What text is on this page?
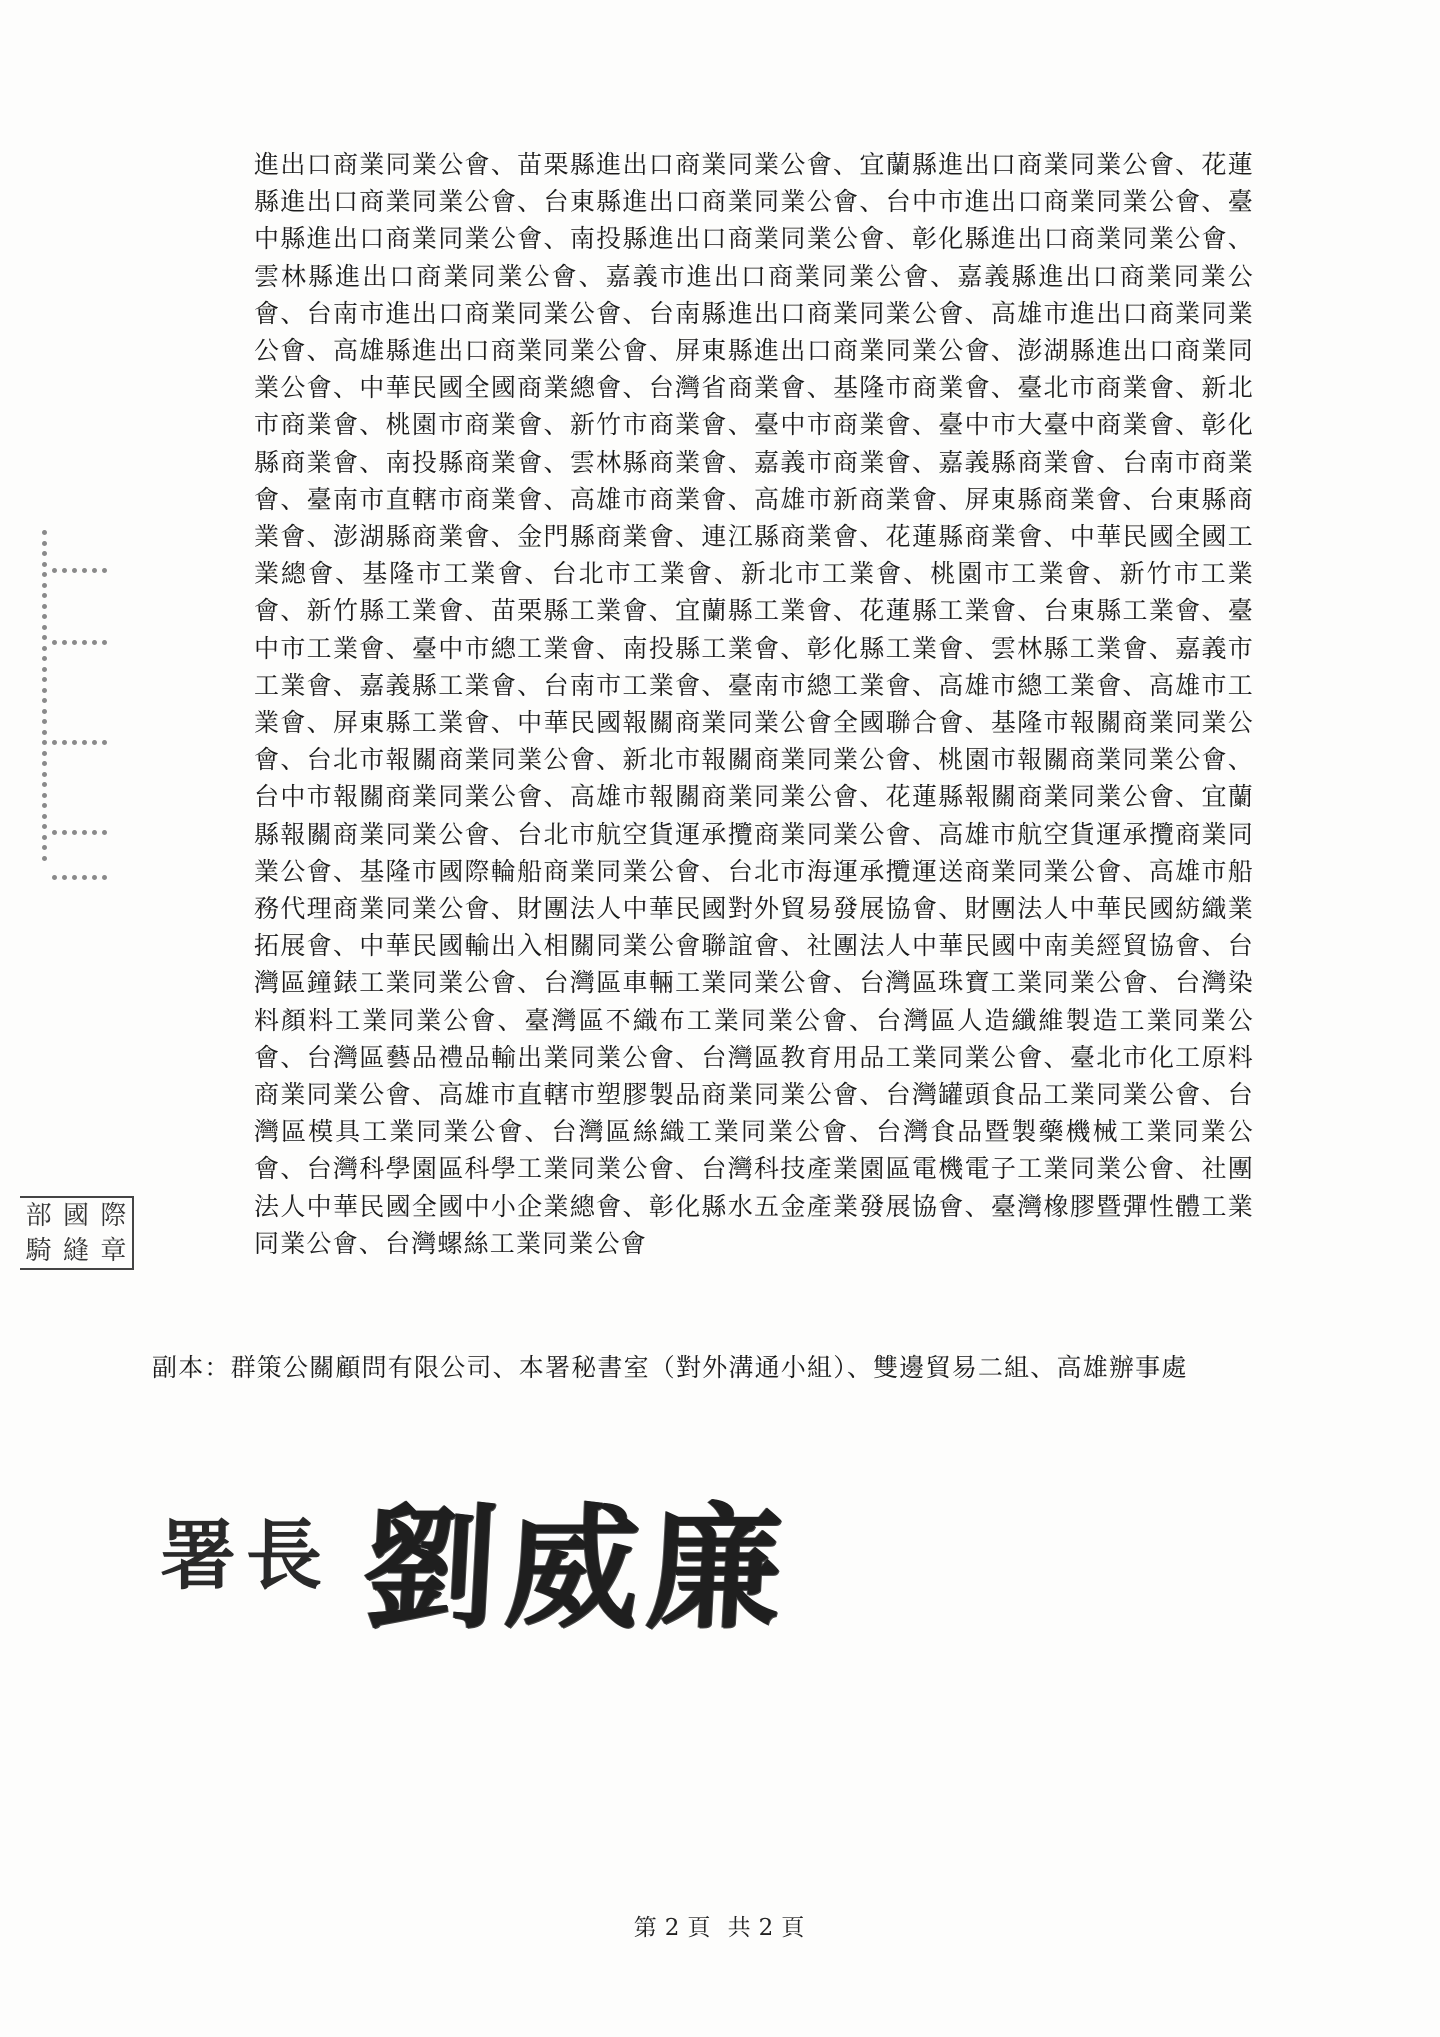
部 國 際
騎 縫 章

進出口商業同業公會、苗栗縣進出口商業同業公會、宜蘭縣進出口商業同業公會、花蓮縣進出口商業同業公會、台東縣進出口商業同業公會、台中市進出口商業同業公會、臺中縣進出口商業同業公會、南投縣進出口商業同業公會、彰化縣進出口商業同業公會、雲林縣進出口商業同業公會、嘉義市進出口商業同業公會、嘉義縣進出口商業同業公會、台南市進出口商業同業公會、台南縣進出口商業同業公會、高雄市進出口商業同業公會、高雄縣進出口商業同業公會、屏東縣進出口商業同業公會、澎湖縣進出口商業同業公會、中華民國全國商業總會、台灣省商業會、基隆市商業會、臺北市商業會、新北市商業會、桃園市商業會、新竹市商業會、臺中市商業會、臺中市大臺中商業會、彰化縣商業會、南投縣商業會、雲林縣商業會、嘉義市商業會、嘉義縣商業會、台南市商業會、臺南市直轄市商業會、高雄市商業會、高雄市新商業會、屏東縣商業會、台東縣商業會、澎湖縣商業會、金門縣商業會、連江縣商業會、花蓮縣商業會、中華民國全國工業總會、基隆市工業會、台北市工業會、新北市工業會、桃園市工業會、新竹市工業會、新竹縣工業會、苗栗縣工業會、宜蘭縣工業會、花蓮縣工業會、台東縣工業會、臺中市工業會、臺中市總工業會、南投縣工業會、彰化縣工業會、雲林縣工業會、嘉義市工業會、嘉義縣工業會、台南市工業會、臺南市總工業會、高雄市總工業會、高雄市工業會、屏東縣工業會、中華民國報關商業同業公會全國聯合會、基隆市報關商業同業公會、台北市報關商業同業公會、新北市報關商業同業公會、桃園市報關商業同業公會、台中市報關商業同業公會、高雄市報關商業同業公會、花蓮縣報關商業同業公會、宜蘭縣報關商業同業公會、台北市航空貨運承攬商業同業公會、高雄市航空貨運承攬商業同業公會、基隆市國際輪船商業同業公會、台北市海運承攬運送商業同業公會、高雄市船務代理商業同業公會、財團法人中華民國對外貿易發展協會、財團法人中華民國紡織業拓展會、中華民國輸出入相關同業公會聯誼會、社團法人中華民國中南美經貿協會、台灣區鐘錶工業同業公會、台灣區車輛工業同業公會、台灣區珠寶工業同業公會、台灣染料顏料工業同業公會、臺灣區不織布工業同業公會、台灣區人造纖維製造工業同業公會、台灣區藝品禮品輸出業同業公會、台灣區教育用品工業同業公會、臺北市化工原料商業同業公會、高雄市直轄市塑膠製品商業同業公會、台灣罐頭食品工業同業公會、台灣區模具工業同業公會、台灣區絲織工業同業公會、台灣食品暨製藥機械工業同業公會、台灣科學園區科學工業同業公會、台灣科技產業園區電機電子工業同業公會、社團法人中華民國全國中小企業總會、彰化縣水五金產業發展協會、臺灣橡膠暨彈性體工業同業公會、台灣螺絲工業同業公會

副本：群策公關顧問有限公司、本署秘書室（對外溝通小組）、雙邊貿易二組、高雄辦事處
署長 劉威廉
第 2 頁 共 2 頁
